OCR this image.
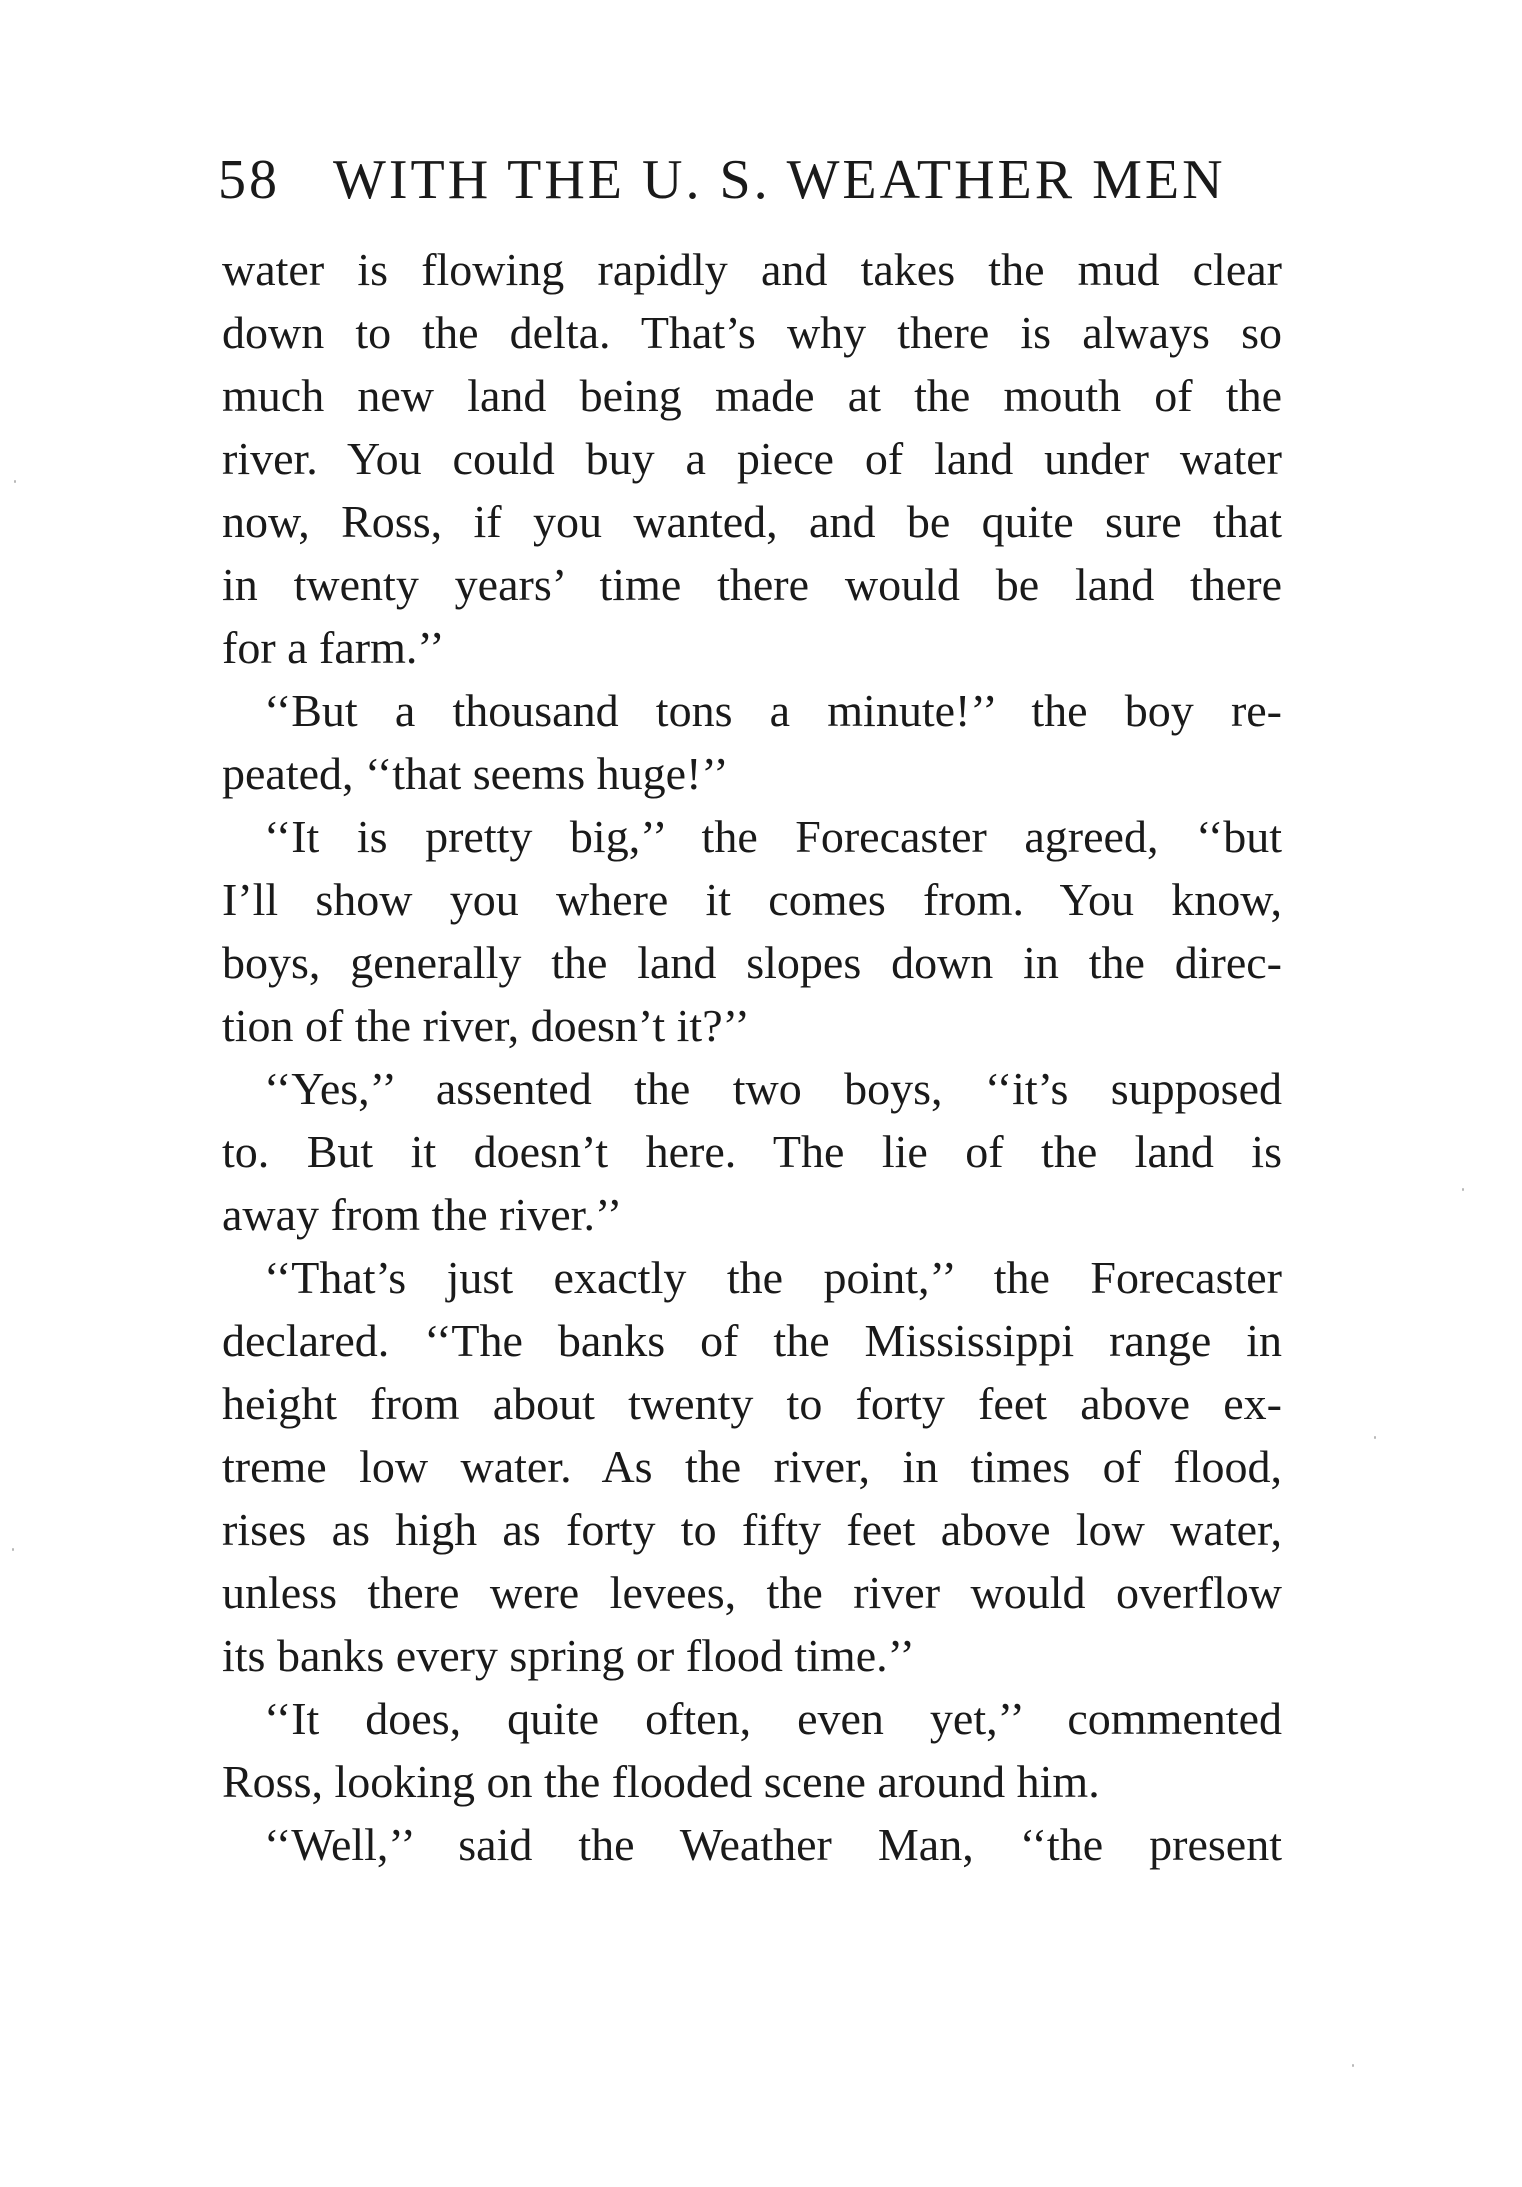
58 WITH THE U. S. WEATHER MEN
water is flowing rapidly and takes the mud clear
down to the delta. That’s why there is always so
much new land being made at the mouth of the
river. You could buy a piece of land under water
now, Ross, if you wanted, and be quite sure that
in twenty years’ time there would be land there
for a farm.’’
‘‘But a thousand tons a minute!’’ the boy re-
peated, ‘‘that seems huge!’’
‘‘It is pretty big,’’ the Forecaster agreed, ‘‘but
I’ll show you where it comes from. You know,
boys, generally the land slopes down in the direc-
tion of the river, doesn’t it?’’
‘‘Yes,’’ assented the two boys, ‘‘it’s supposed
to. But it doesn’t here. The lie of the land is
away from the river.’’
‘‘That’s just exactly the point,’’ the Forecaster
declared. ‘‘The banks of the Mississippi range in
height from about twenty to forty feet above ex-
treme low water. As the river, in times of flood,
rises as high as forty to fifty feet above low water,
unless there were levees, the river would overflow
its banks every spring or flood time.’’
‘‘It does, quite often, even yet,’’ commented
Ross, looking on the flooded scene around him.
‘‘Well,’’ said the Weather Man, ‘‘the present
